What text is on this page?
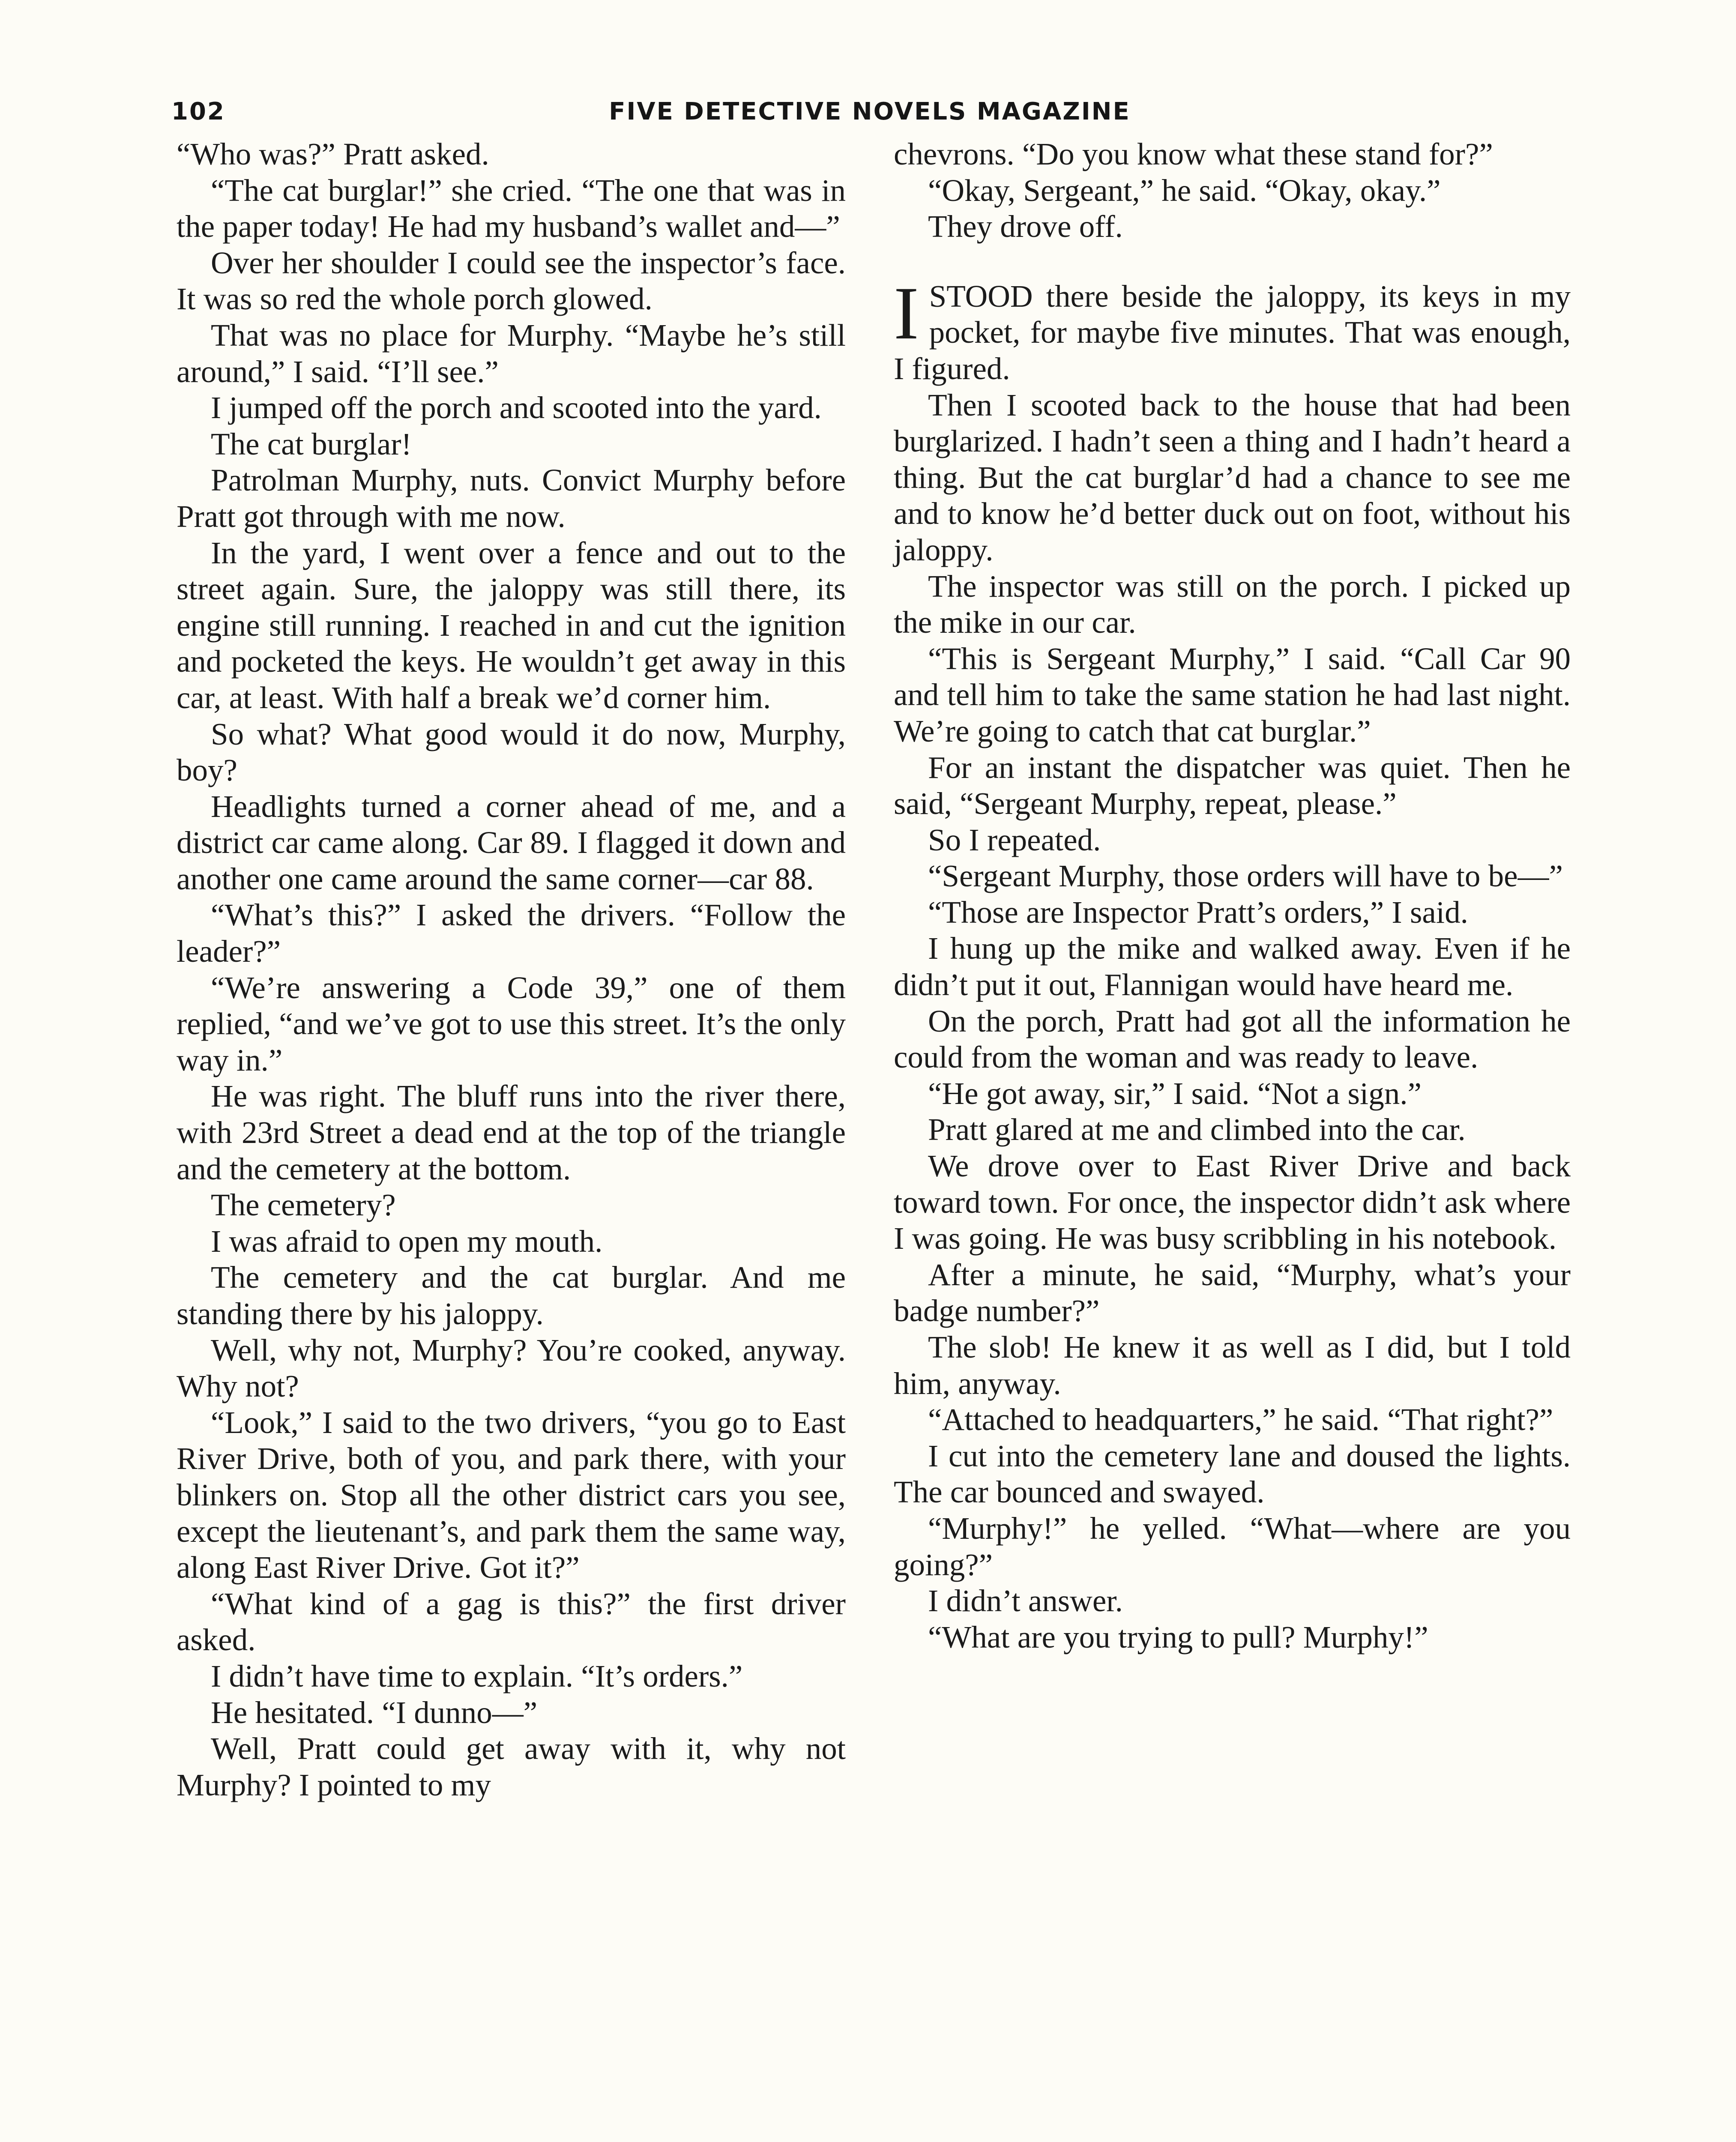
102	FIVE DETECTIVE NOVELS MAGAZINE

“Who was?” Pratt asked.

“The cat burglar!” she cried. “The one that was in the paper today! He had my husband’s wallet and—”

Over her shoulder I could see the inspector’s face. It was so red the whole porch glowed.

That was no place for Murphy. “Maybe he’s still around,” I said. “I’ll see.”

I jumped off the porch and scooted into the yard.

The cat burglar!

Patrolman Murphy, nuts. Convict Murphy before Pratt got through with me now.

In the yard, I went over a fence and out to the street again. Sure, the jaloppy was still there, its engine still running. I reached in and cut the ignition and pocketed the keys. He wouldn’t get away in this car, at least. With half a break we’d corner him.

So what? What good would it do now, Murphy, boy?

Headlights turned a corner ahead of me, and a district car came along. Car 89. I flagged it down and another one came around the same corner—car 88.

“What’s this?” I asked the drivers. “Follow the leader?”

“We’re answering a Code 39,” one of them replied, “and we’ve got to use this street. It’s the only way in.”

He was right. The bluff runs into the river there, with 23rd Street a dead end at the top of the triangle and the cemetery at the bottom.

The cemetery?

I was afraid to open my mouth.

The cemetery and the cat burglar. And me standing there by his jaloppy.

Well, why not, Murphy? You’re cooked, anyway. Why not?

“Look,” I said to the two drivers, “you go to East River Drive, both of you, and park there, with your blinkers on. Stop all the other district cars you see, except the lieutenant’s, and park them the same way, along East River Drive. Got it?”

“What kind of a gag is this?” the first driver asked.

I didn’t have time to explain. “It’s orders.”

He hesitated. “I dunno—”

Well, Pratt could get away with it, why not Murphy? I pointed to my

chevrons. “Do you know what these stand for?”

“Okay, Sergeant,” he said. “Okay, okay.”

They drove off.

ISTOOD there beside the jaloppy, its keys in my pocket, for maybe five minutes. That was enough, I figured.

Then I scooted back to the house that had been burglarized. I hadn’t seen a thing and I hadn’t heard a thing. But the cat burglar’d had a chance to see me and to know he’d better duck out on foot, without his jaloppy.

The inspector was still on the porch. I picked up the mike in our car.

“This is Sergeant Murphy,” I said. “Call Car 90 and tell him to take the same station he had last night. We’re going to catch that cat burglar.”

For an instant the dispatcher was quiet. Then he said, “Sergeant Murphy, repeat, please.”

So I repeated.

“Sergeant Murphy, those orders will have to be—”

“Those are Inspector Pratt’s orders,” I said.

I hung up the mike and walked away. Even if he didn’t put it out, Flannigan would have heard me.

On the porch, Pratt had got all the information he could from the woman and was ready to leave.

“He got away, sir,” I said. “Not a sign.”

Pratt glared at me and climbed into the car.

We drove over to East River Drive and back toward town. For once, the inspector didn’t ask where I was going. He was busy scribbling in his notebook.

After a minute, he said, “Murphy, what’s your badge number?”

The slob! He knew it as well as I did, but I told him, anyway.

“Attached to headquarters,” he said. “That right?”

I cut into the cemetery lane and doused the lights. The car bounced and swayed.

“Murphy!” he yelled. “What—where are you going?”

I didn’t answer.

“What are you trying to pull? Murphy!”
